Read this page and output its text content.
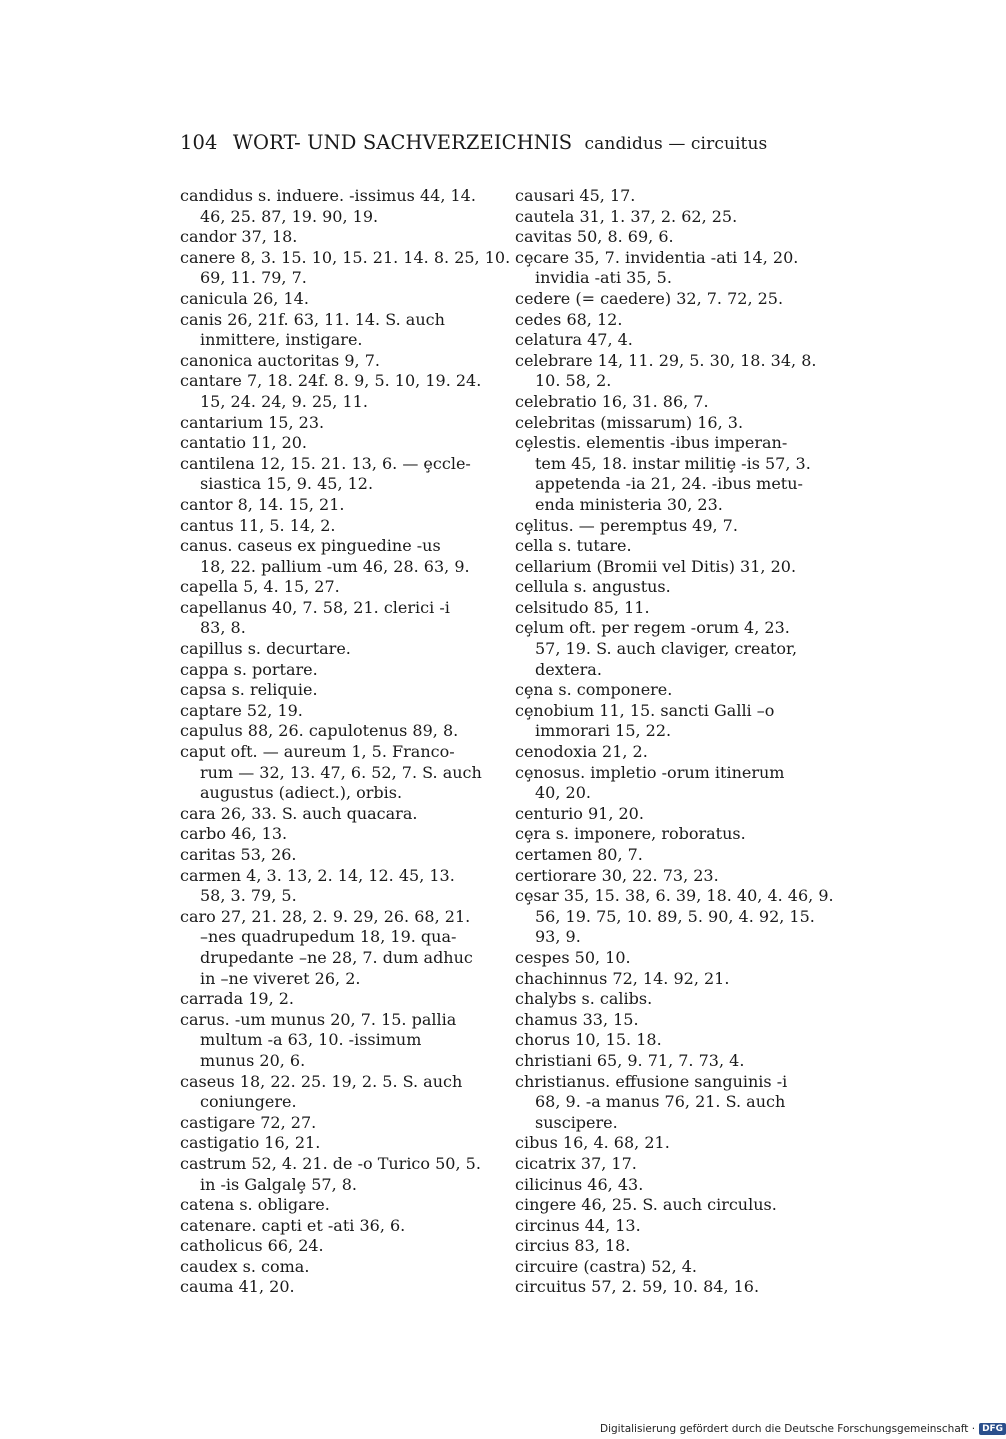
104 WORT- UND SACHVERZEICHNIS candidus — circuitus
candidus s. induere. -issimus 44, 14.
46, 25. 87, 19. 90, 19.
candor 37, 18.
canere 8, 3. 15. 10, 15. 21. 14. 8. 25, 10.
69, 11. 79, 7.
canicula 26, 14.
canis 26, 21f. 63, 11. 14. S. auch
inmittere, instigare.
canonica auctoritas 9, 7.
cantare 7, 18. 24f. 8. 9, 5. 10, 19. 24.
15, 24. 24, 9. 25, 11.
cantarium 15, 23.
cantatio 11, 20.
cantilena 12, 15. 21. 13, 6. — ȩccle-
siastica 15, 9. 45, 12.
cantor 8, 14. 15, 21.
cantus 11, 5. 14, 2.
canus. caseus ex pinguedine -us
18, 22. pallium -um 46, 28. 63, 9.
capella 5, 4. 15, 27.
capellanus 40, 7. 58, 21. clerici -i
83, 8.
capillus s. decurtare.
cappa s. portare.
capsa s. reliquie.
captare 52, 19.
capulus 88, 26. capulotenus 89, 8.
caput oft. — aureum 1, 5. Franco-
rum — 32, 13. 47, 6. 52, 7. S. auch
augustus (adiect.), orbis.
cara 26, 33. S. auch quacara.
carbo 46, 13.
caritas 53, 26.
carmen 4, 3. 13, 2. 14, 12. 45, 13.
58, 3. 79, 5.
caro 27, 21. 28, 2. 9. 29, 26. 68, 21.
–nes quadrupedum 18, 19. qua-
drupedante –ne 28, 7. dum adhuc
in –ne viveret 26, 2.
carrada 19, 2.
carus. -um munus 20, 7. 15. pallia
multum -a 63, 10. -issimum
munus 20, 6.
caseus 18, 22. 25. 19, 2. 5. S. auch
coniungere.
castigare 72, 27.
castigatio 16, 21.
castrum 52, 4. 21. de -o Turico 50, 5.
in -is Galgalȩ 57, 8.
catena s. obligare.
catenare. capti et -ati 36, 6.
catholicus 66, 24.
caudex s. coma.
cauma 41, 20.
causari 45, 17.
cautela 31, 1. 37, 2. 62, 25.
cavitas 50, 8. 69, 6.
cȩcare 35, 7. invidentia -ati 14, 20.
invidia -ati 35, 5.
cedere (= caedere) 32, 7. 72, 25.
cedes 68, 12.
celatura 47, 4.
celebrare 14, 11. 29, 5. 30, 18. 34, 8.
10. 58, 2.
celebratio 16, 31. 86, 7.
celebritas (missarum) 16, 3.
cȩlestis. elementis -ibus imperan-
tem 45, 18. instar militiȩ -is 57, 3.
appetenda -ia 21, 24. -ibus metu-
enda ministeria 30, 23.
cȩlitus. — peremptus 49, 7.
cella s. tutare.
cellarium (Bromii vel Ditis) 31, 20.
cellula s. angustus.
celsitudo 85, 11.
cȩlum oft. per regem -orum 4, 23.
57, 19. S. auch claviger, creator,
dextera.
cȩna s. componere.
cȩnobium 11, 15. sancti Galli –o
immorari 15, 22.
cenodoxia 21, 2.
cȩnosus. impletio -orum itinerum
40, 20.
centurio 91, 20.
cȩra s. imponere, roboratus.
certamen 80, 7.
certiorare 30, 22. 73, 23.
cȩsar 35, 15. 38, 6. 39, 18. 40, 4. 46, 9.
56, 19. 75, 10. 89, 5. 90, 4. 92, 15.
93, 9.
cespes 50, 10.
chachinnus 72, 14. 92, 21.
chalybs s. calibs.
chamus 33, 15.
chorus 10, 15. 18.
christiani 65, 9. 71, 7. 73, 4.
christianus. effusione sanguinis -i
68, 9. -a manus 76, 21. S. auch
suscipere.
cibus 16, 4. 68, 21.
cicatrix 37, 17.
cilicinus 46, 43.
cingere 46, 25. S. auch circulus.
circinus 44, 13.
circius 83, 18.
circuire (castra) 52, 4.
circuitus 57, 2. 59, 10. 84, 16.
Digitalisierung gefördert durch die Deutsche Forschungsgemeinschaft · DFG
